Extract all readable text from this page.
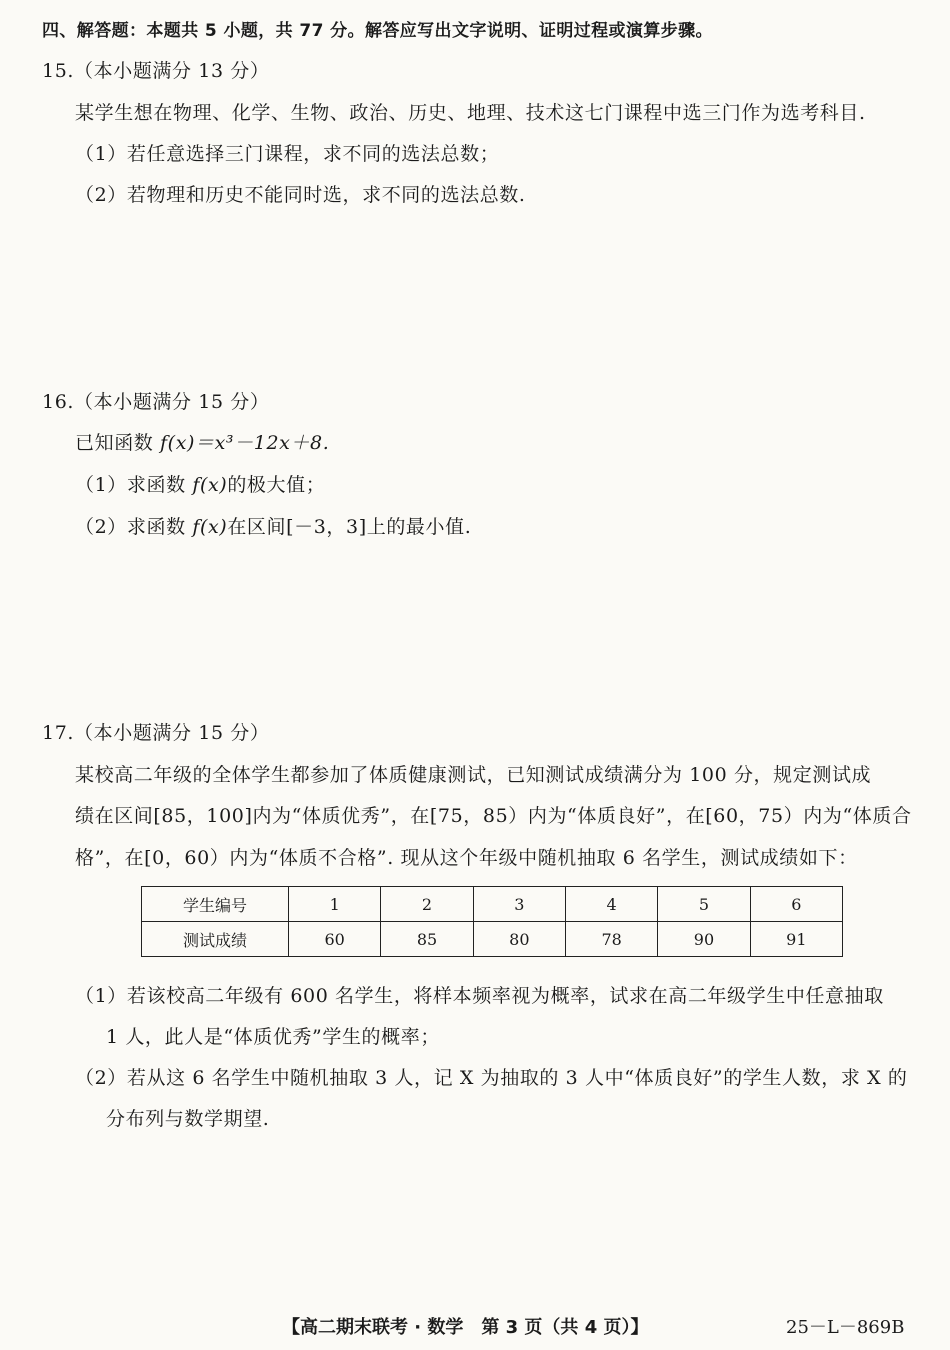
四、解答题：本题共 5 小题，共 77 分。解答应写出文字说明、证明过程或演算步骤。
15.（本小题满分 13 分）
某学生想在物理、化学、生物、政治、历史、地理、技术这七门课程中选三门作为选考科目.
（1）若任意选择三门课程，求不同的选法总数；
（2）若物理和历史不能同时选，求不同的选法总数.
16.（本小题满分 15 分）
已知函数 f(x)＝x³－12x＋8.
（1）求函数 f(x)的极大值；
（2）求函数 f(x)在区间[－3，3]上的最小值.
17.（本小题满分 15 分）
某校高二年级的全体学生都参加了体质健康测试，已知测试成绩满分为 100 分，规定测试成
绩在区间[85，100]内为“体质优秀”，在[75，85）内为“体质良好”，在[60，75）内为“体质合
格”，在[0，60）内为“体质不合格”. 现从这个年级中随机抽取 6 名学生，测试成绩如下：
学生编号	1	2	3	4	5	6
测试成绩	60	85	80	78	90	91
（1）若该校高二年级有 600 名学生，将样本频率视为概率，试求在高二年级学生中任意抽取
1 人，此人是“体质优秀”学生的概率；
（2）若从这 6 名学生中随机抽取 3 人，记 X 为抽取的 3 人中“体质良好”的学生人数，求 X 的
分布列与数学期望.
【高二期末联考 · 数学　第 3 页（共 4 页）】	25－L－869B
